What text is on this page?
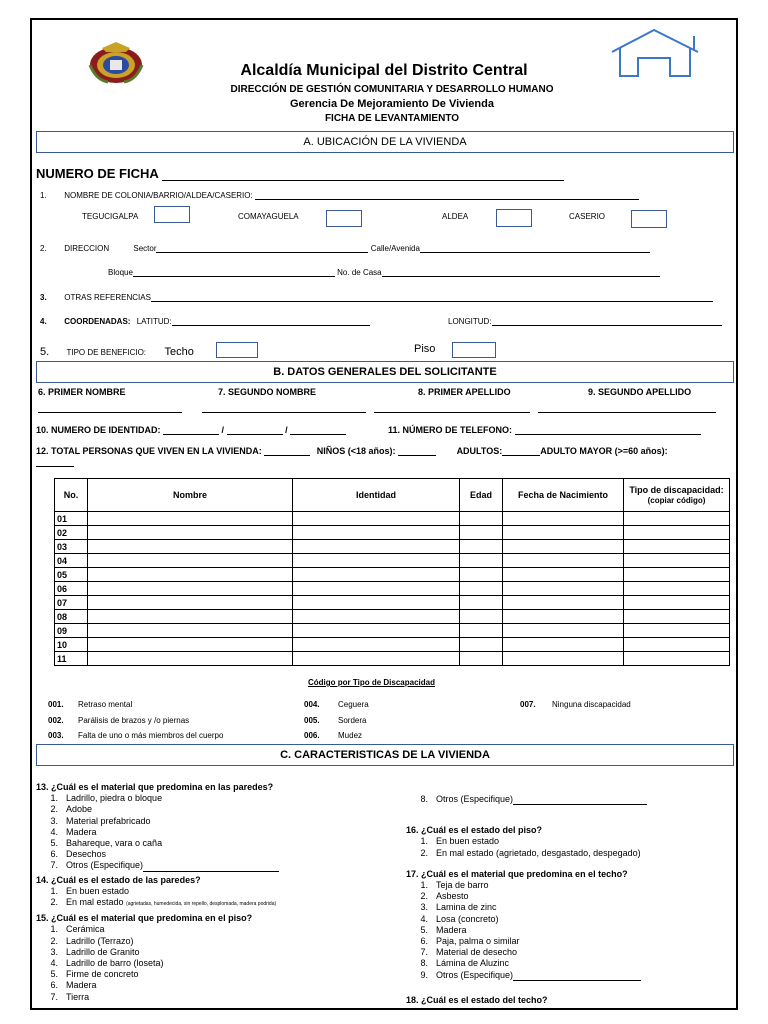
Alcaldía Municipal del Distrito Central
DIRECCIÓN DE GESTIÓN COMUNITARIA Y DESARROLLO HUMANO
Gerencia De Mejoramiento De Vivienda
FICHA DE LEVANTAMIENTO
A. UBICACIÓN DE LA VIVIENDA
NUMERO DE FICHA
1. NOMBRE DE COLONIA/BARRIO/ALDEA/CASERIO:
TEGUCIGALPA	COMAYAGUELA	ALDEA	CASERIO
2. DIRECCION	Sector	Calle/Avenida
Bloque	No. de Casa
3. OTRAS REFERENCIAS
4. COORDENADAS: LATITUD:	LONGITUD:
5. TIPO DE BENEFICIO: Techo	Piso
B. DATOS GENERALES DEL SOLICITANTE
6. PRIMER NOMBRE	7. SEGUNDO NOMBRE	8. PRIMER APELLIDO	9. SEGUNDO APELLIDO
10. NUMERO DE IDENTIDAD:	/	/	11. NÚMERO DE TELEFONO:
12. TOTAL PERSONAS QUE VIVEN EN LA VIVIENDA:	NIÑOS (<18 años):	ADULTOS:	ADULTO MAYOR (>=60 años):
No.	Nombre	Identidad	Edad	Fecha de Nacimiento	Tipo de discapacidad:
(copiar código)
01					
02					
03					
04					
05					
06					
07					
08					
09					
10					
11					
Código por Tipo de Discapacidad
001. Retraso mental
002. Parálisis de brazos y /o piernas
003. Falta de uno o más miembros del cuerpo
004. Ceguera
005. Sordera
006. Mudez
007. Ninguna discapacidad
C. CARACTERISTICAS DE LA VIVIENDA
13. ¿Cuál es el material que predomina en las paredes?
1. Ladrillo, piedra o bloque
2. Adobe
3. Material prefabricado
4. Madera
5. Bahareque, vara o caña
6. Desechos
7. Otros (Especifique)
14. ¿Cuál es el estado de las paredes?
1. En buen estado
2. En mal estado (agrietadas, humedecida, sin repello, desplomada, madera podrida)
15. ¿Cuál es el material que predomina en el piso?
1. Cerámica
2. Ladrillo (Terrazo)
3. Ladrillo de Granito
4. Ladrillo de barro (loseta)
5. Firme de concreto
6. Madera
7. Tierra
8. Otros (Especifique)
16. ¿Cuál es el estado del piso?
1. En buen estado
2. En mal estado (agrietado, desgastado, despegado)
17. ¿Cuál es el material que predomina en el techo?
1. Teja de barro
2. Asbesto
3. Lamina de zinc
4. Losa (concreto)
5. Madera
6. Paja, palma o similar
7. Material de desecho
8. Lámina de Aluzinc
9. Otros (Especifique)
18. ¿Cuál es el estado del techo?
